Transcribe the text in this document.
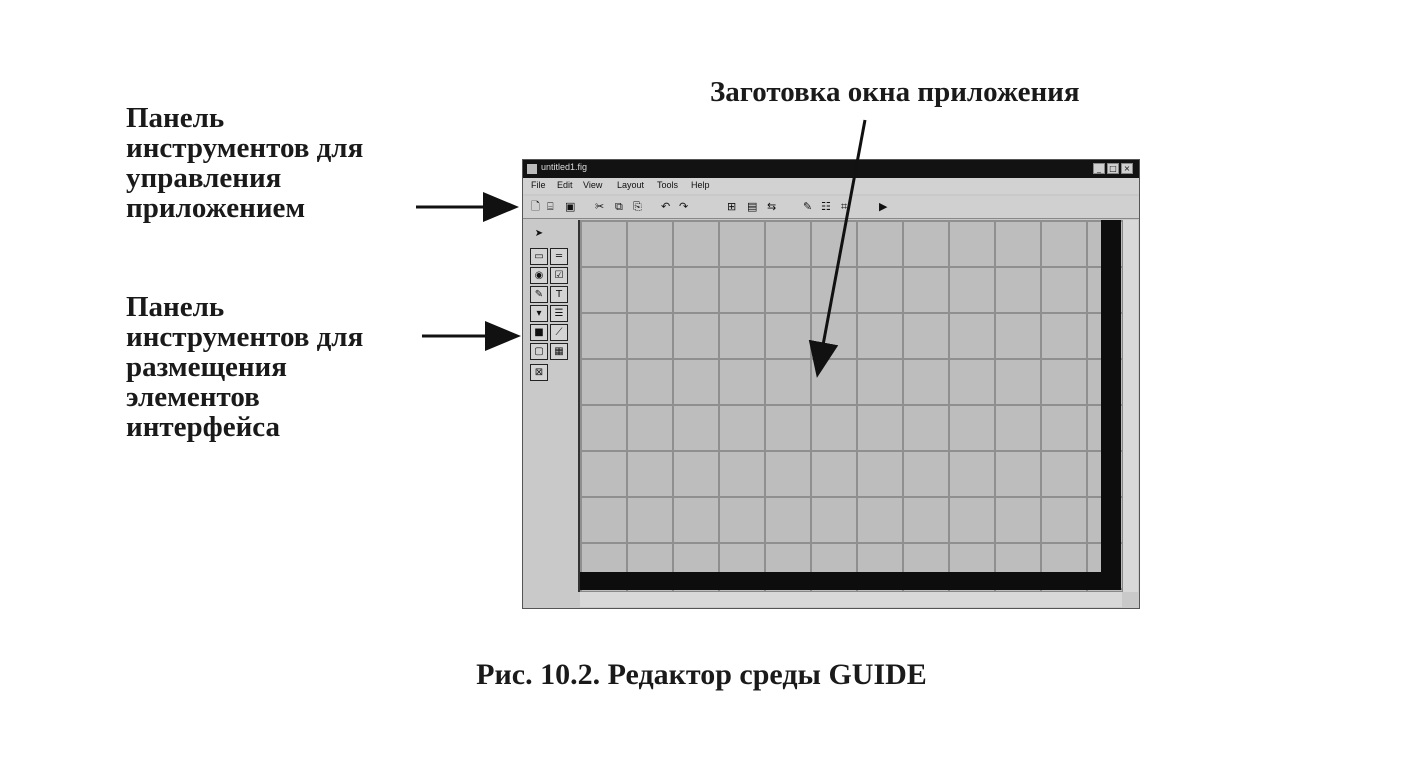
Панель
инструментов для
управления
приложением
Панель
инструментов для
размещения
элементов
интерфейса
Заготовка окна приложения
untitled1.fig	_	□ ×
File Edit View Layout Tools Help
🗋 ⌸ ▣ ✂ ⧉ ⎘ ↶ ↷	⊞ ▤ ⇆ ✎ ☷ ⌗	▶
➤
▭	═
◉	☑
✎	T
▾	☰
■	⟋
▢	▦
⊠
Рис. 10.2. Редактор среды GUIDE
